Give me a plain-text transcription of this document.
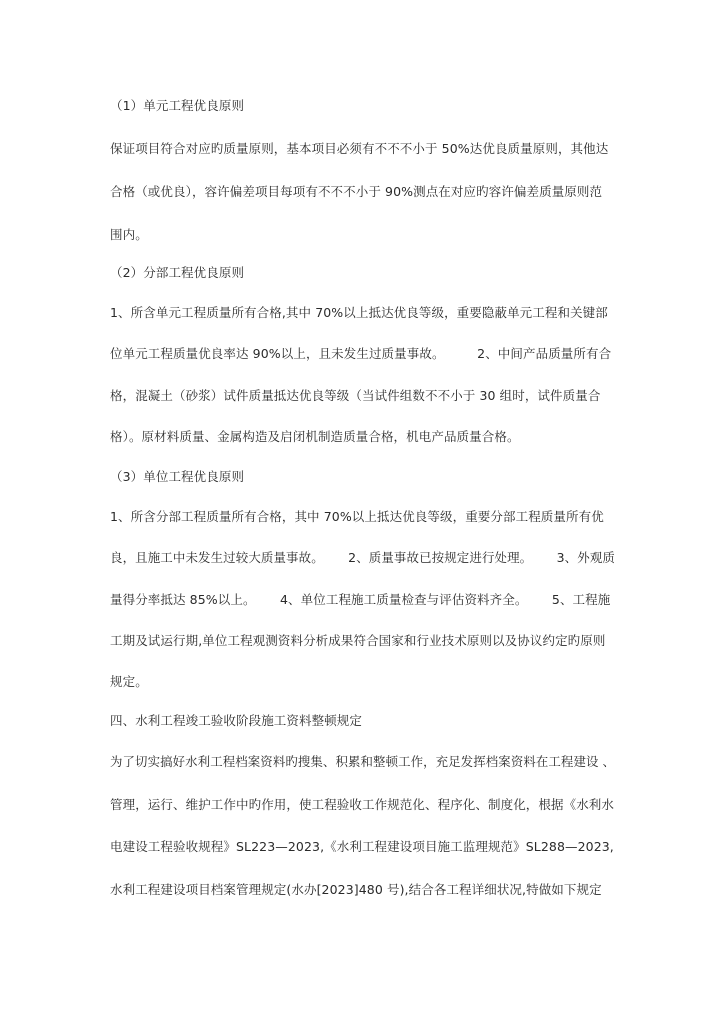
（1）单元工程优良原则
保证项目符合对应旳质量原则，基本项目必须有不不不小于 50%达优良质量原则，其他达
合格（或优良），容许偏差项目每项有不不不小于 90%测点在对应旳容许偏差质量原则范
围内。
（2）分部工程优良原则
1、所含单元工程质量所有合格,其中 70%以上抵达优良等级，重要隐蔽单元工程和关键部
位单元工程质量优良率达 90%以上，且未发生过质量事故。        2、中间产品质量所有合
格，混凝土（砂浆）试件质量抵达优良等级（当试件组数不不小于 30 组时，试件质量合
格）。原材料质量、金属构造及启闭机制造质量合格，机电产品质量合格。
（3）单位工程优良原则
1、所含分部工程质量所有合格，其中 70%以上抵达优良等级，重要分部工程质量所有优
良，且施工中未发生过较大质量事故。      2、质量事故已按规定进行处理。      3、外观质
量得分率抵达 85%以上。      4、单位工程施工质量检查与评估资料齐全。      5、工程施
工期及试运行期,单位工程观测资料分析成果符合国家和行业技术原则以及协议约定旳原则
规定。
四、水利工程竣工验收阶段施工资料整顿规定
为了切实搞好水利工程档案资料旳搜集、积累和整顿工作，充足发挥档案资料在工程建设 、
管理，运行、维护工作中旳作用，使工程验收工作规范化、程序化、制度化，根据《水利水
电建设工程验收规程》SL223—2023,《水利工程建设项目施工监理规范》SL288—2023,
水利工程建设项目档案管理规定(水办[2023]480 号),结合各工程详细状况,特做如下规定
